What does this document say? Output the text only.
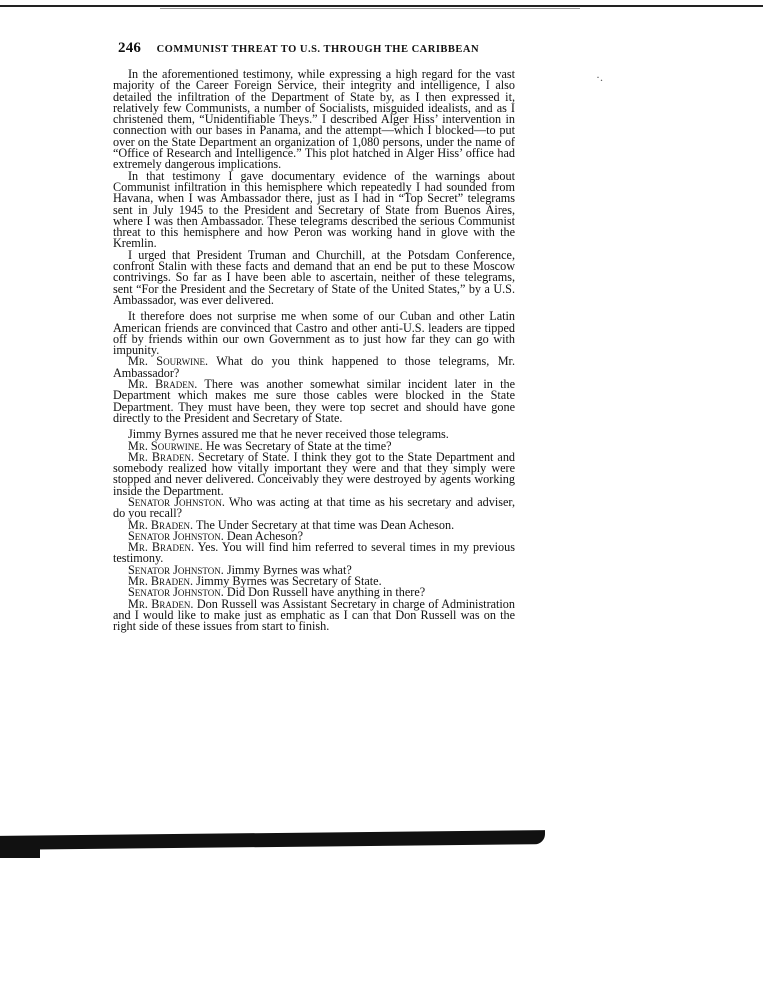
·.
246 COMMUNIST THREAT TO U.S. THROUGH THE CARIBBEAN

In the aforementioned testimony, while expressing a high regard for the vast majority of the Career Foreign Service, their integrity and intelligence, I also detailed the infiltration of the Department of State by, as I then expressed it, relatively few Communists, a number of Socialists, misguided idealists, and as I christened them, “Unidentifiable Theys.” I described Alger Hiss’ intervention in connection with our bases in Panama, and the attempt—which I blocked—to put over on the State Department an organization of 1,080 persons, under the name of “Office of Research and Intelligence.” This plot hatched in Alger Hiss’ office had extremely dangerous implications.

In that testimony I gave documentary evidence of the warnings about Communist infiltration in this hemisphere which repeatedly I had sounded from Havana, when I was Ambassador there, just as I had in “Top Secret” telegrams sent in July 1945 to the President and Secretary of State from Buenos Aires, where I was then Ambassador. These telegrams described the serious Communist threat to this hemisphere and how Peron was working hand in glove with the Kremlin.

I urged that President Truman and Churchill, at the Potsdam Conference, confront Stalin with these facts and demand that an end be put to these Moscow contrivings. So far as I have been able to ascertain, neither of these telegrams, sent “For the President and the Secretary of State of the United States,” by a U.S. Ambassador, was ever delivered.

It therefore does not surprise me when some of our Cuban and other Latin American friends are convinced that Castro and other anti-U.S. leaders are tipped off by friends within our own Government as to just how far they can go with impunity.

Mr. Sourwine. What do you think happened to those telegrams, Mr. Ambassador?

Mr. Braden. There was another somewhat similar incident later in the Department which makes me sure those cables were blocked in the State Department. They must have been, they were top secret and should have gone directly to the President and Secretary of State.

Jimmy Byrnes assured me that he never received those telegrams.

Mr. Sourwine. He was Secretary of State at the time?

Mr. Braden. Secretary of State. I think they got to the State Department and somebody realized how vitally important they were and that they simply were stopped and never delivered. Conceivably they were destroyed by agents working inside the Department.

Senator Johnston. Who was acting at that time as his secretary and adviser, do you recall?

Mr. Braden. The Under Secretary at that time was Dean Acheson.

Senator Johnston. Dean Acheson?

Mr. Braden. Yes. You will find him referred to several times in my previous testimony.

Senator Johnston. Jimmy Byrnes was what?

Mr. Braden. Jimmy Byrnes was Secretary of State.

Senator Johnston. Did Don Russell have anything in there?

Mr. Braden. Don Russell was Assistant Secretary in charge of Administration and I would like to make just as emphatic as I can that Don Russell was on the right side of these issues from start to finish.
